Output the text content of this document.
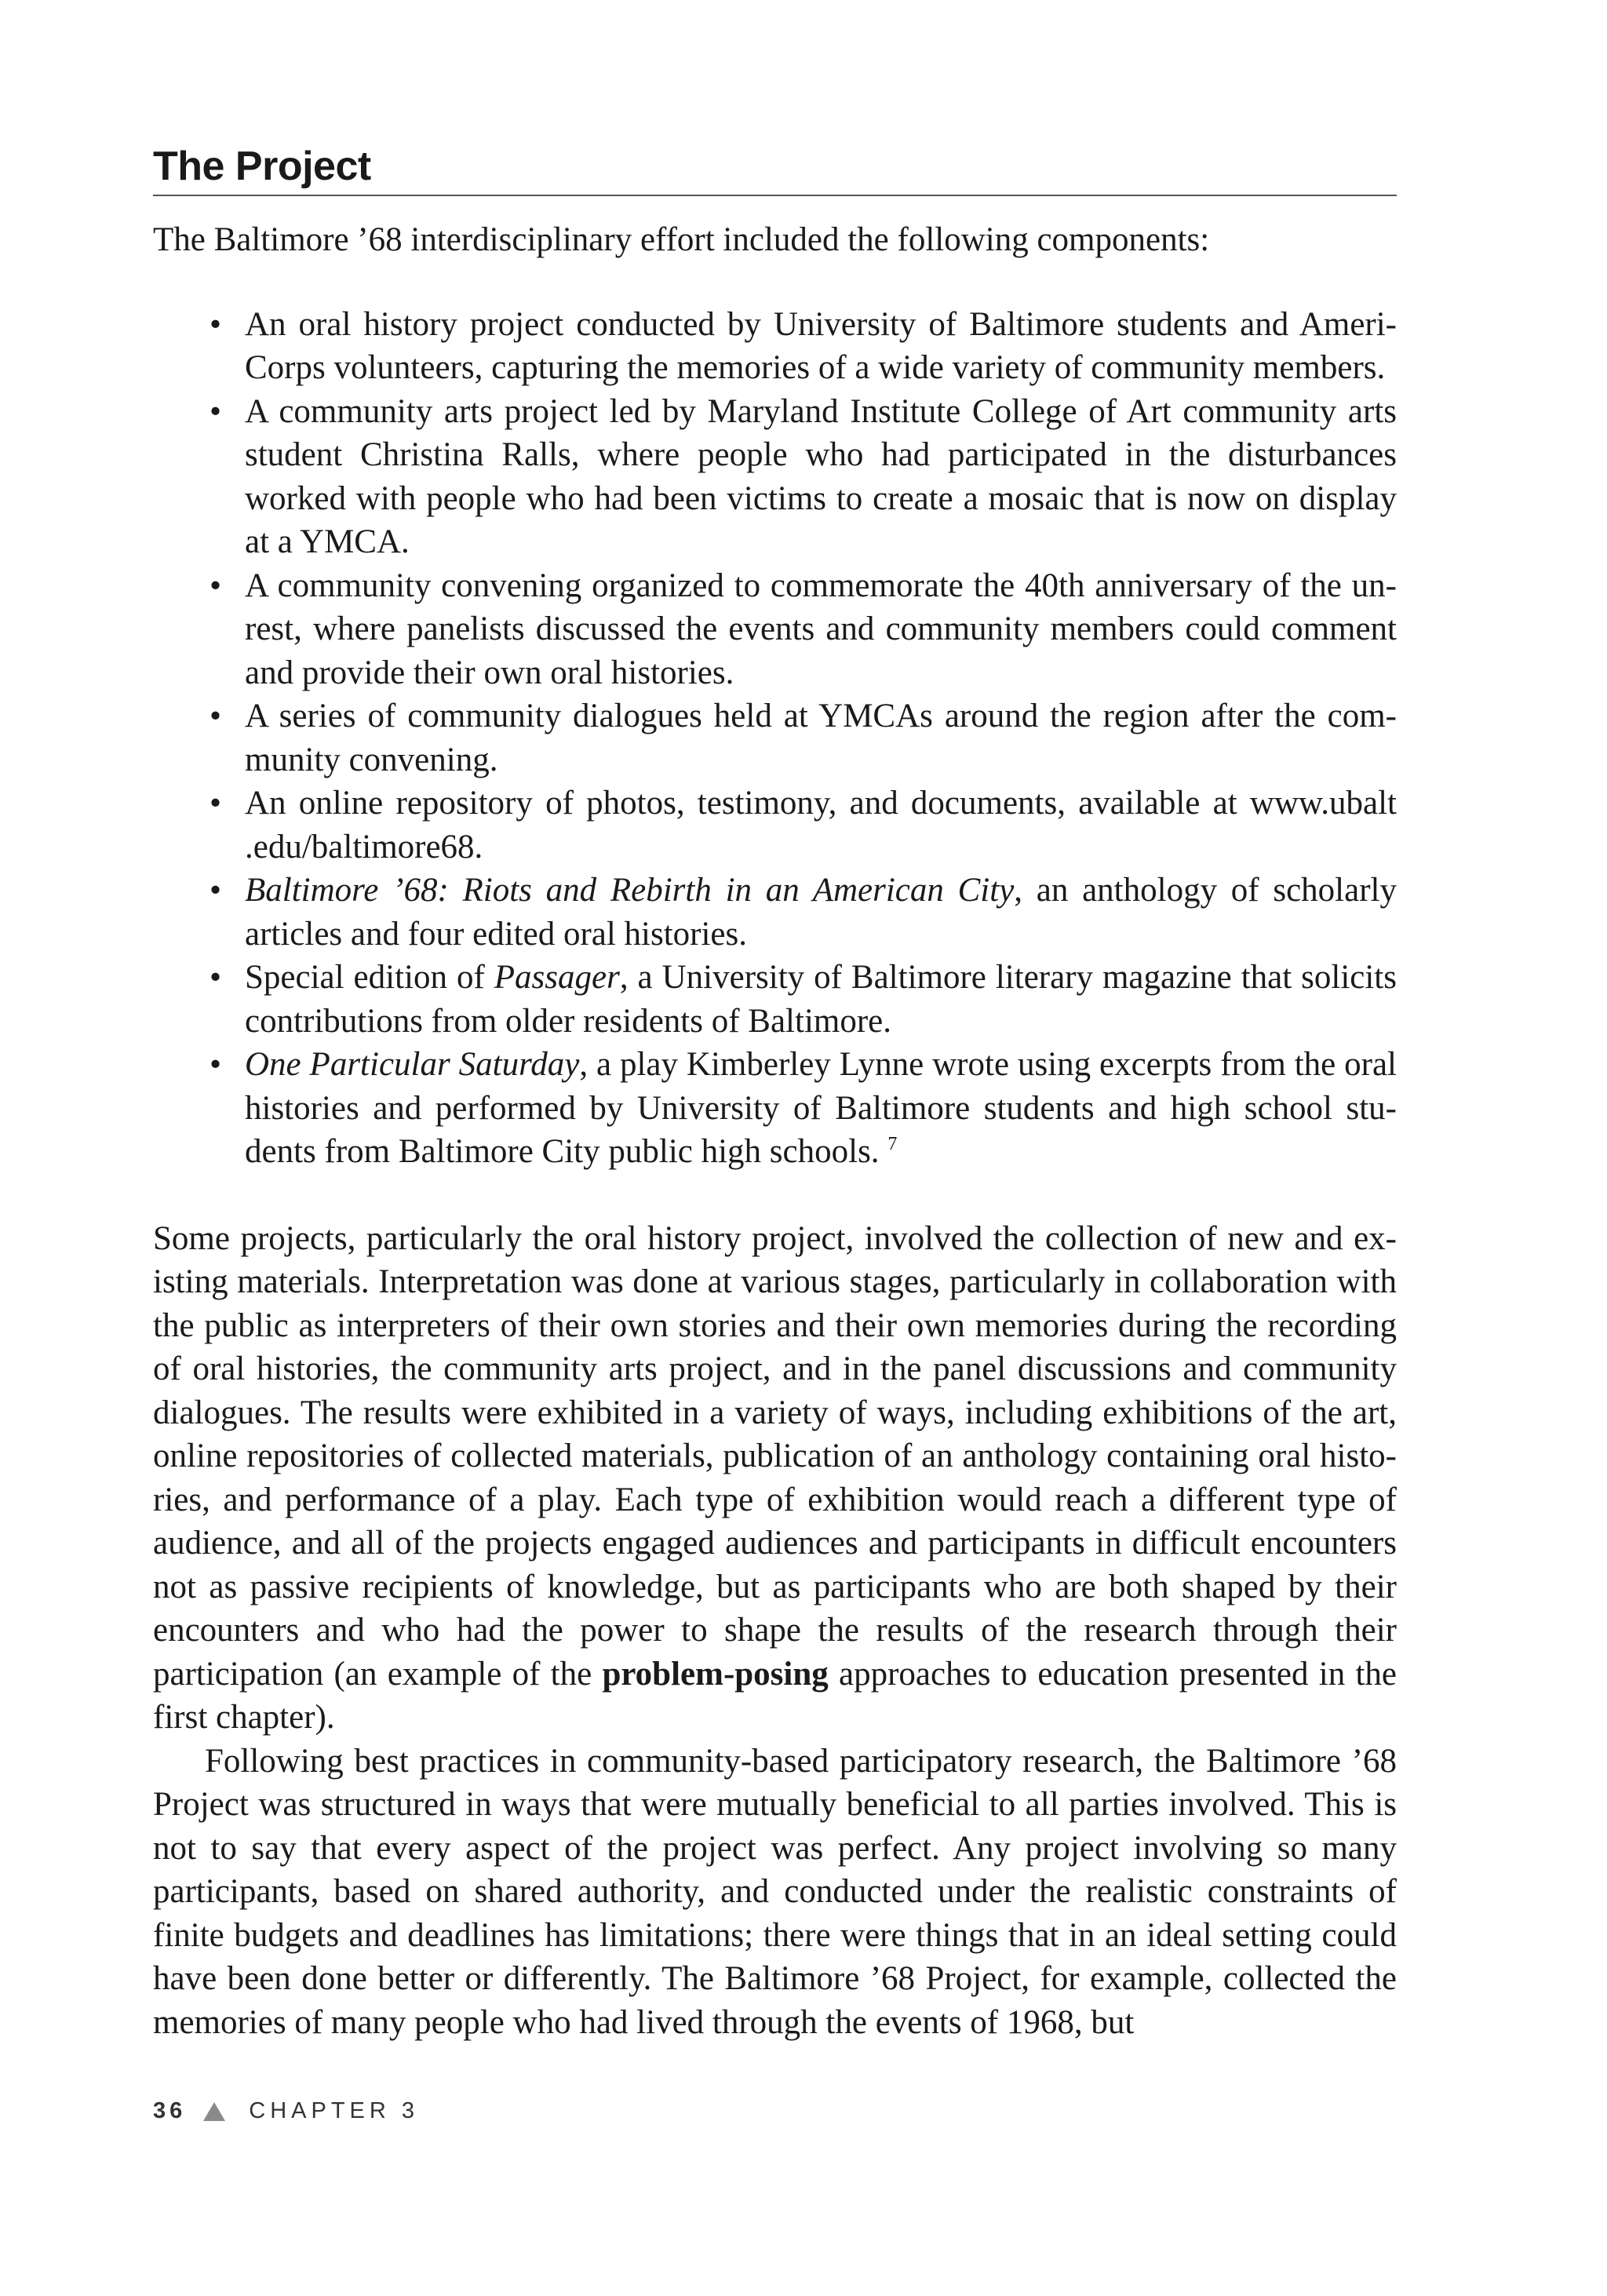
The Project

The Baltimore ’68 interdisciplinary effort included the following components:

• An oral history project conducted by University of Baltimore students and AmeriCorps volunteers, capturing the memories of a wide variety of community members.
• A community arts project led by Maryland Institute College of Art community arts student Christina Ralls, where people who had participated in the disturbances worked with people who had been victims to create a mosaic that is now on display at a YMCA.
• A community convening organized to commemorate the 40th anniversary of the unrest, where panelists discussed the events and community members could comment and provide their own oral histories.
• A series of community dialogues held at YMCAs around the region after the community convening.
• An online repository of photos, testimony, and documents, available at www.ubalt .edu/baltimore68.
• Baltimore ’68: Riots and Rebirth in an American City, an anthology of scholarly articles and four edited oral histories.
• Special edition of Passager, a University of Baltimore literary magazine that solicits contributions from older residents of Baltimore.
• One Particular Saturday, a play Kimberley Lynne wrote using excerpts from the oral histories and performed by University of Baltimore students and high school students from Baltimore City public high schools. $^7$

Some projects, particularly the oral history project, involved the collection of new and existing materials. Interpretation was done at various stages, particularly in collaboration with the public as interpreters of their own stories and their own memories during the recording of oral histories, the community arts project, and in the panel discussions and community dialogues. The results were exhibited in a variety of ways, including exhibitions of the art, online repositories of collected materials, publication of an anthology containing oral histories, and performance of a play. Each type of exhibition would reach a different type of audience, and all of the projects engaged audiences and participants in difficult encounters not as passive recipients of knowledge, but as participants who are both shaped by their encounters and who had the power to shape the results of the research through their participation (an example of the problem-posing approaches to education presented in the first chapter).

Following best practices in community-based participatory research, the Baltimore ’68 Project was structured in ways that were mutually beneficial to all parties involved. This is not to say that every aspect of the project was perfect. Any project involving so many participants, based on shared authority, and conducted under the realistic constraints of finite budgets and deadlines has limitations; there were things that in an ideal setting could have been done better or differently. The Baltimore ’68 Project, for example, collected the memories of many people who had lived through the events of 1968, but

36	CHAPTER 3
